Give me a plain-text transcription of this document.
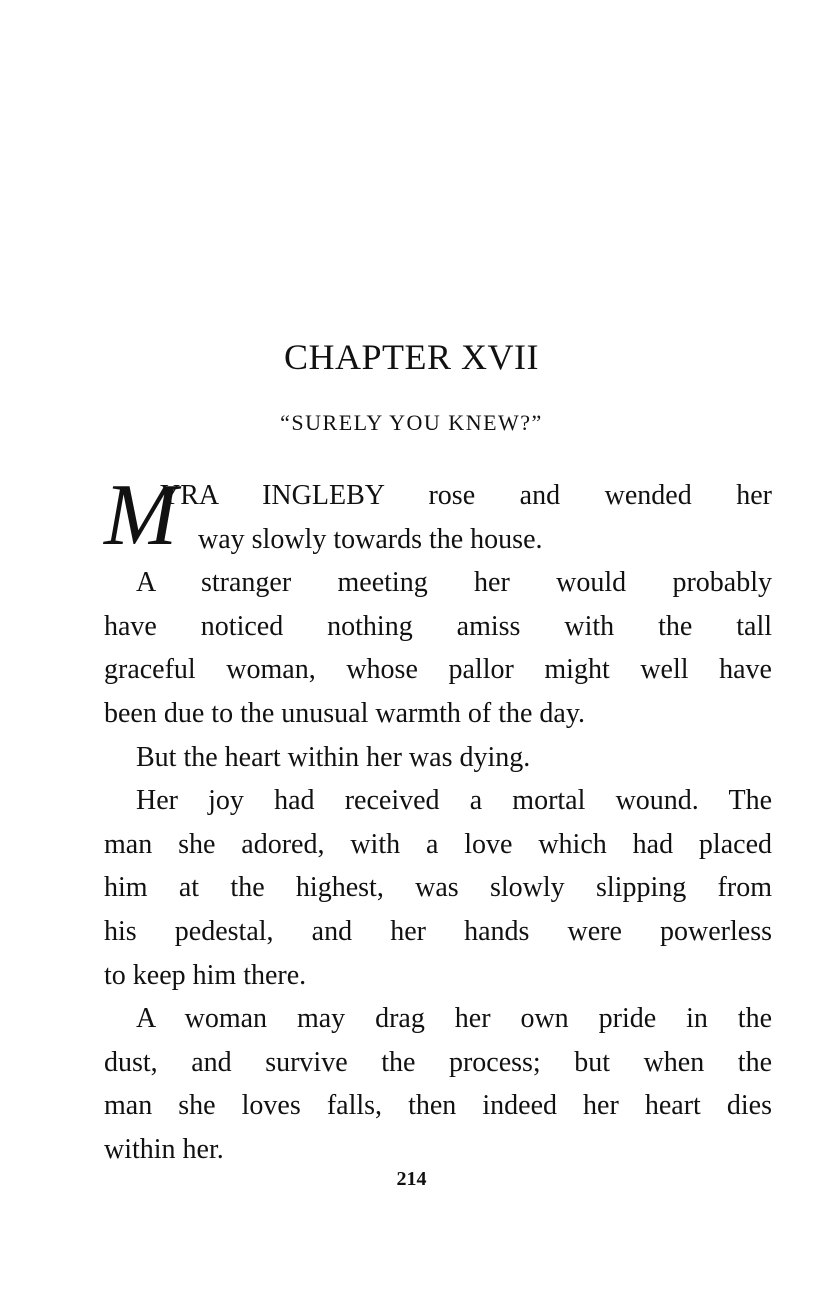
CHAPTER XVII
“SURELY YOU KNEW?”
M
YRA INGLEBY rose and wended her
way slowly towards the house.
A stranger meeting her would probably
have noticed nothing amiss with the tall
graceful woman, whose pallor might well have
been due to the unusual warmth of the day.
But the heart within her was dying.
Her joy had received a mortal wound. The
man she adored, with a love which had placed
him at the highest, was slowly slipping from
his pedestal, and her hands were powerless
to keep him there.
A woman may drag her own pride in the
dust, and survive the process; but when the
man she loves falls, then indeed her heart dies
within her.
214
